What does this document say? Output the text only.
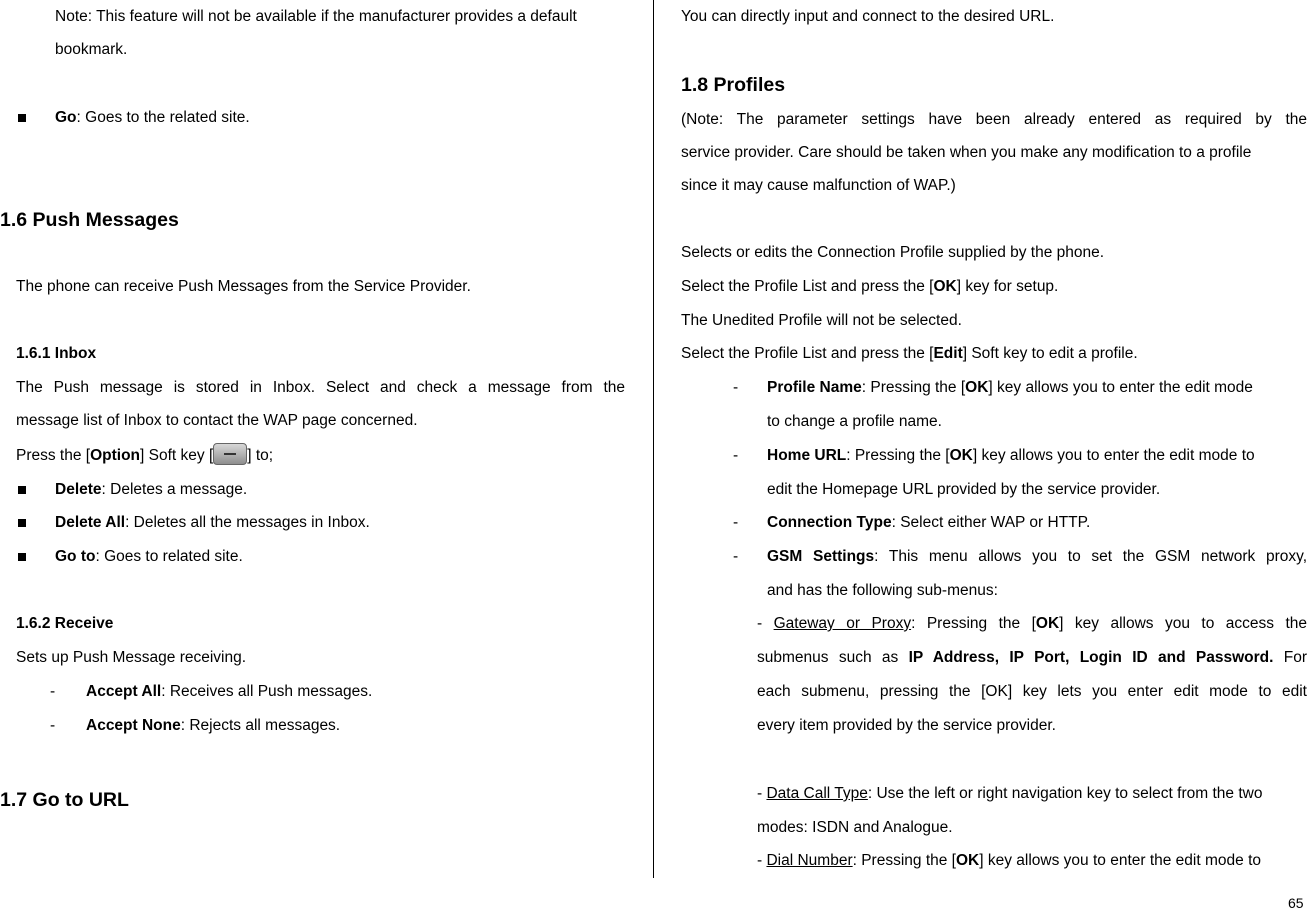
Note: This feature will not be available if the manufacturer provides a default
bookmark.
Go: Goes to the related site.
1.6 Push Messages
The phone can receive Push Messages from the Service Provider.
1.6.1 Inbox
The Push message is stored in Inbox. Select and check a message from the
message list of Inbox to contact the WAP page concerned.
Press the [Option] Soft key [ ] to;
Delete: Deletes a message.
Delete All: Deletes all the messages in Inbox.
Go to: Goes to related site.
1.6.2 Receive
Sets up Push Message receiving.
- Accept All: Receives all Push messages.
- Accept None: Rejects all messages.
1.7 Go to URL
You can directly input and connect to the desired URL.
1.8 Profiles
(Note: The parameter settings have been already entered as required by the
service provider. Care should be taken when you make any modification to a profile
since it may cause malfunction of WAP.)
Selects or edits the Connection Profile supplied by the phone.
Select the Profile List and press the [OK] key for setup.
The Unedited Profile will not be selected.
Select the Profile List and press the [Edit] Soft key to edit a profile.
- Profile Name: Pressing the [OK] key allows you to enter the edit mode
to change a profile name.
- Home URL: Pressing the [OK] key allows you to enter the edit mode to
edit the Homepage URL provided by the service provider.
- Connection Type: Select either WAP or HTTP.
- GSM Settings: This menu allows you to set the GSM network proxy,
and has the following sub-menus:
- Gateway or Proxy: Pressing the [OK] key allows you to access the
submenus such as IP Address, IP Port, Login ID and Password. For
each submenu, pressing the [OK] key lets you enter edit mode to edit
every item provided by the service provider.
- Data Call Type: Use the left or right navigation key to select from the two
modes: ISDN and Analogue.
- Dial Number: Pressing the [OK] key allows you to enter the edit mode to
65
